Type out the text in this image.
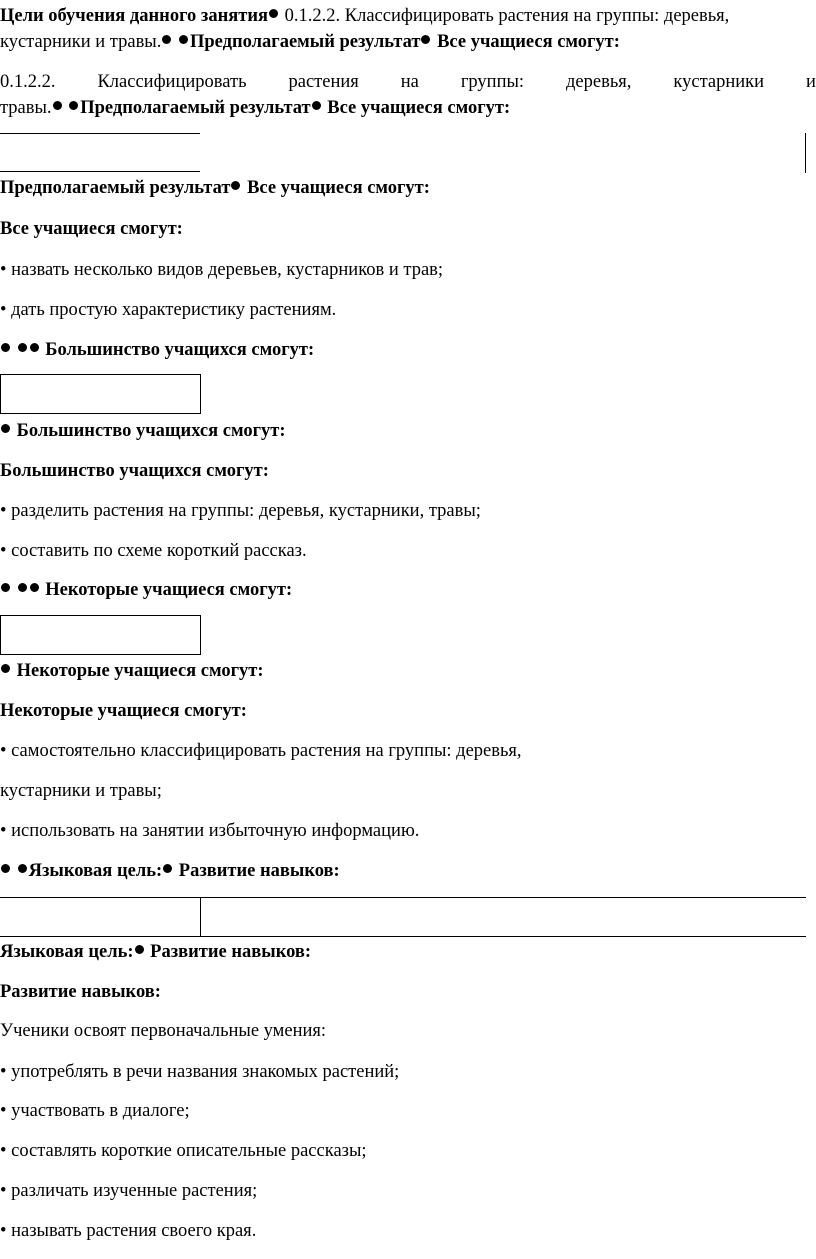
Цели обучения данного занятия 0.1.2.2. Классифицировать растения на группы: деревья,
кустарники и травы. Предполагаемый результат Все учащиеся смогут:
0.1.2.2. Классифицировать растения на группы: деревья, кустарники и
травы. Предполагаемый результат Все учащиеся смогут:
Предполагаемый результат Все учащиеся смогут:
Все учащиеся смогут:
• назвать несколько видов деревьев, кустарников и трав;
• дать простую характеристику растениям.
Большинство учащихся смогут:
Большинство учащихся смогут:
Большинство учащихся смогут:
• разделить растения на группы: деревья, кустарники, травы;
• составить по схеме короткий рассказ.
Некоторые учащиеся смогут:
Некоторые учащиеся смогут:
Некоторые учащиеся смогут:
• самостоятельно классифицировать растения на группы: деревья,
кустарники и травы;
• использовать на занятии избыточную информацию.
Языковая цель: Развитие навыков:
Языковая цель: Развитие навыков:
Развитие навыков:
Ученики освоят первоначальные умения:
• употреблять в речи названия знакомых растений;
• участвовать в диалоге;
• составлять короткие описательные рассказы;
• различать изученные растения;
• называть растения своего края.
